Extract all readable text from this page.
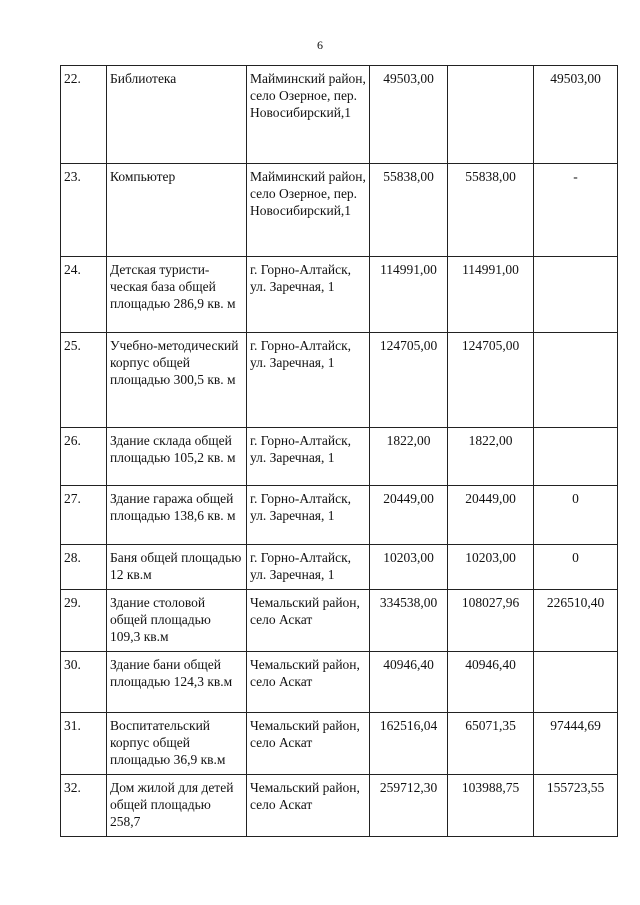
6
22.	Библиотека	Майминский район, село Озерное, пер. Новосибирский,1	49503,00		49503,00
23.	Компьютер	Майминский район, село Озерное, пер. Новосибирский,1	55838,00	55838,00	-
24.	Детская туристи-ческая база общей площадью 286,9 кв. м	г. Горно-Алтайск, ул. Заречная, 1	114991,00	114991,00	
25.	Учебно-методический корпус общей площадью 300,5 кв. м	г. Горно-Алтайск, ул. Заречная, 1	124705,00	124705,00	
26.	Здание склада общей площадью 105,2 кв. м	г. Горно-Алтайск, ул. Заречная, 1	1822,00	1822,00	
27.	Здание гаража общей площадью 138,6 кв. м	г. Горно-Алтайск, ул. Заречная, 1	20449,00	20449,00	0
28.	Баня общей площадью 12 кв.м	г. Горно-Алтайск, ул. Заречная, 1	10203,00	10203,00	0
29.	Здание столовой общей площадью 109,3 кв.м	Чемальский район, село Аскат	334538,00	108027,96	226510,40
30.	Здание бани общей площадью 124,3 кв.м	Чемальский район, село Аскат	40946,40	40946,40	
31.	Воспитательский корпус общей площадью 36,9 кв.м	Чемальский район, село Аскат	162516,04	65071,35	97444,69
32.	Дом жилой для детей общей площадью 258,7	Чемальский район, село Аскат	259712,30	103988,75	155723,55
